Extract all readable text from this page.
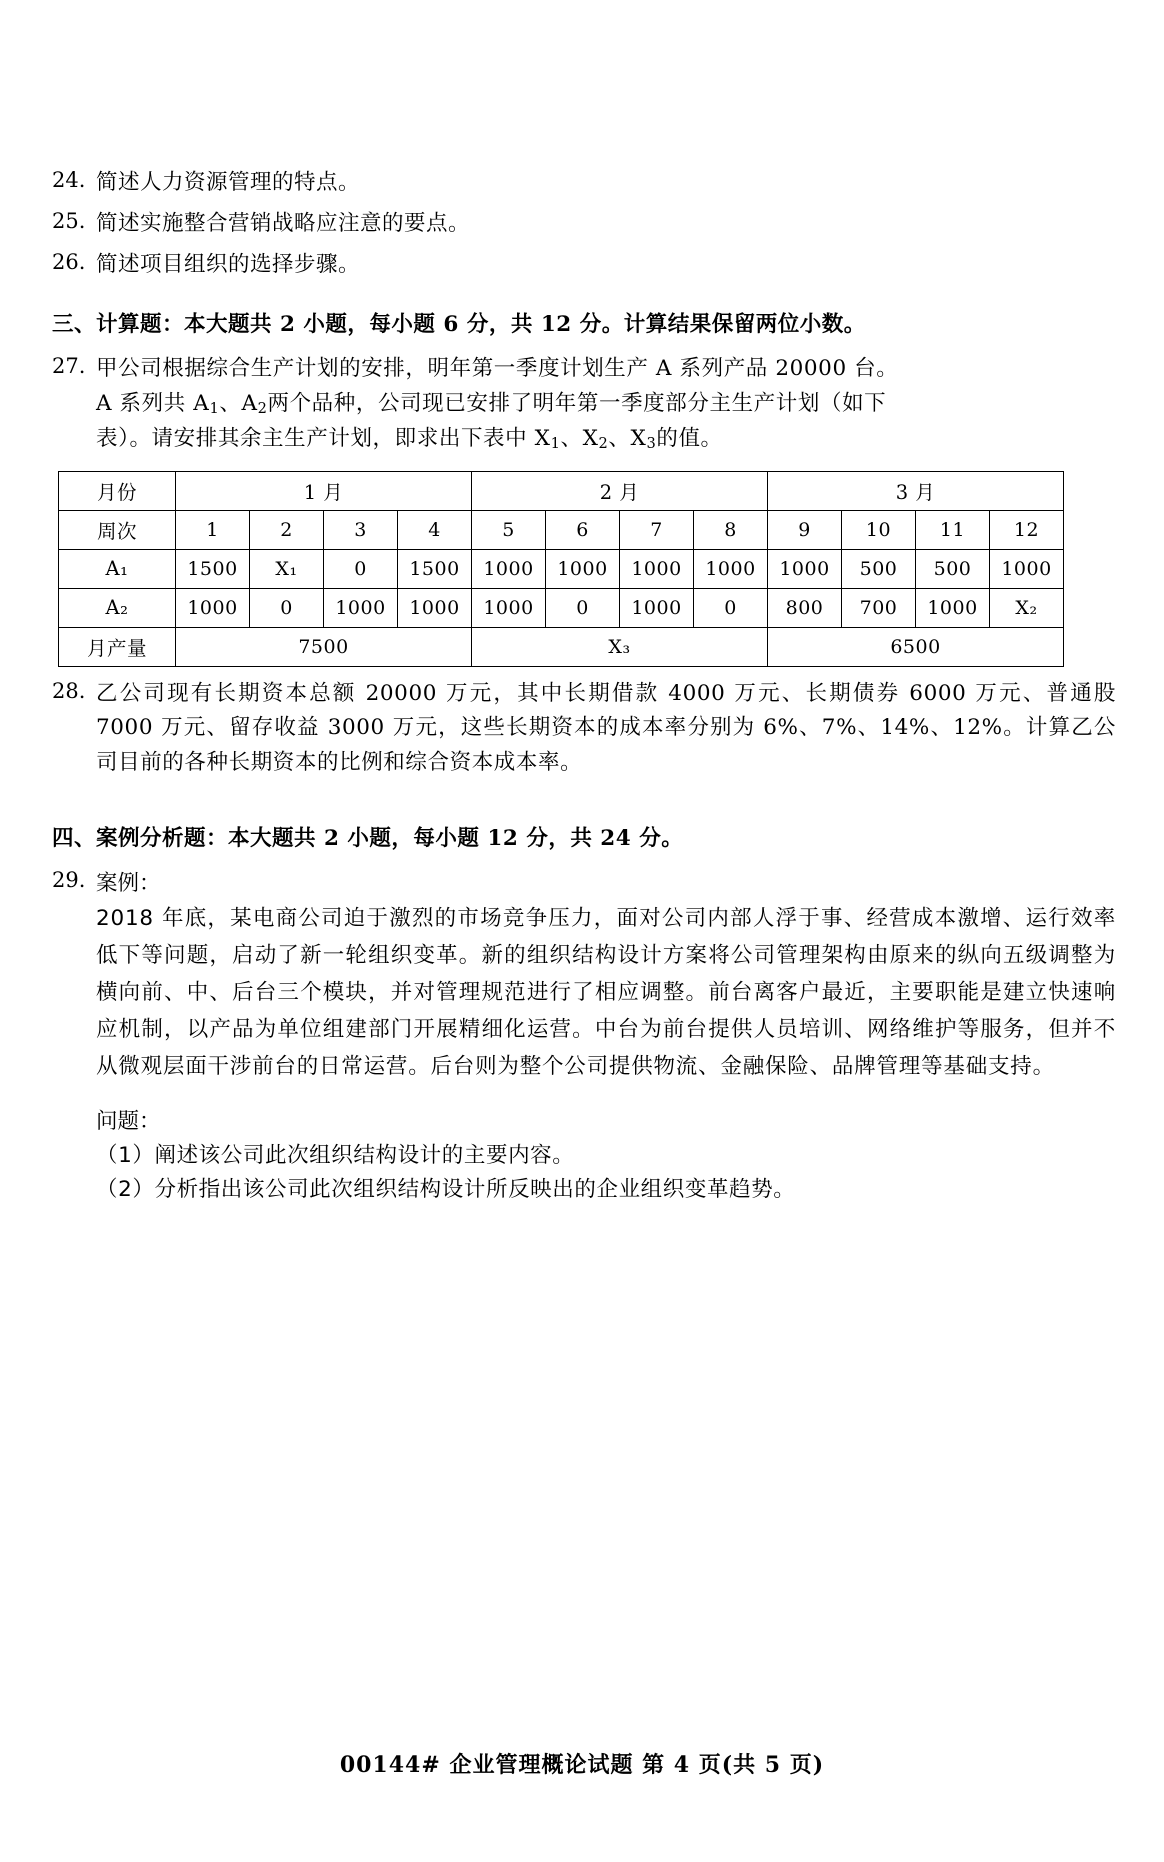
24. 简述人力资源管理的特点。
25. 简述实施整合营销战略应注意的要点。
26. 简述项目组织的选择步骤。
三、计算题：本大题共 2 小题，每小题 6 分，共 12 分。计算结果保留两位小数。
27. 甲公司根据综合生产计划的安排，明年第一季度计划生产 A 系列产品 20000 台。
A 系列共 $A_1$、$A_2$两个品种，公司现已安排了明年第一季度部分主生产计划（如下
表）。请安排其余主生产计划，即求出下表中 $X_1$、$X_2$、$X_3$的值。
月份	1 月				2 月				3 月			
周次	1	2	3	4	5	6	7	8	9	10	11	12
A₁	1500	X₁	0	1500	1000	1000	1000	1000	1000	500	500	1000
A₂	1000	0	1000	1000	1000	0	1000	0	800	700	1000	X₂
月产量	7500				X₃				6500			
28. 乙公司现有长期资本总额 20000 万元，其中长期借款 4000 万元、长期债券 6000 万元、普通股 7000 万元、留存收益 3000 万元，这些长期资本的成本率分别为 6%、7%、14%、12%。计算乙公司目前的各种长期资本的比例和综合资本成本率。
四、案例分析题：本大题共 2 小题，每小题 12 分，共 24 分。
29. 案例：
2018 年底，某电商公司迫于激烈的市场竞争压力，面对公司内部人浮于事、经营成本激增、运行效率低下等问题，启动了新一轮组织变革。新的组织结构设计方案将公司管理架构由原来的纵向五级调整为横向前、中、后台三个模块，并对管理规范进行了相应调整。前台离客户最近，主要职能是建立快速响应机制，以产品为单位组建部门开展精细化运营。中台为前台提供人员培训、网络维护等服务，但并不从微观层面干涉前台的日常运营。后台则为整个公司提供物流、金融保险、品牌管理等基础支持。
问题：
（1）阐述该公司此次组织结构设计的主要内容。
（2）分析指出该公司此次组织结构设计所反映出的企业组织变革趋势。
00144# 企业管理概论试题 第 4 页(共 5 页)
